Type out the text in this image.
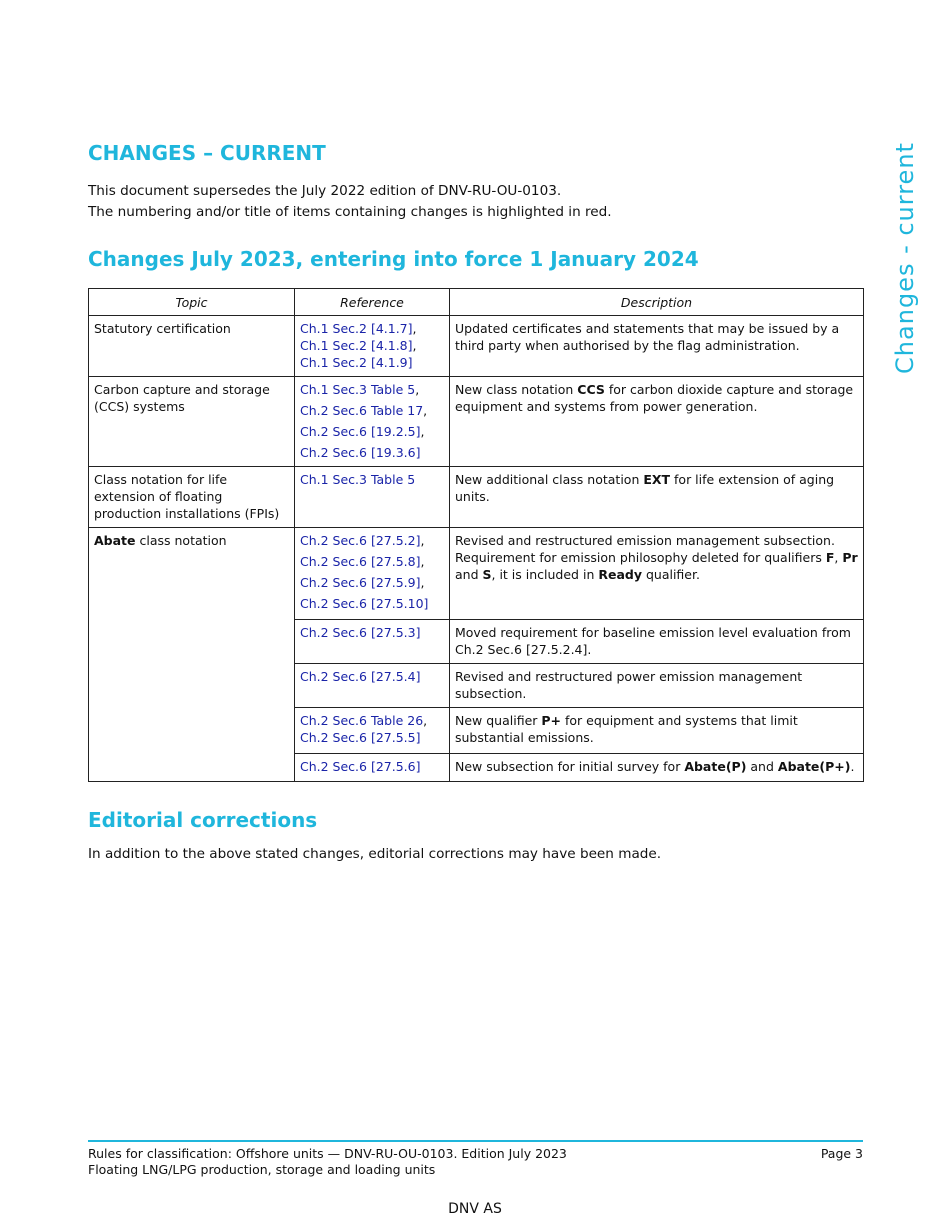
Changes - current
CHANGES – CURRENT

This document supersedes the July 2022 edition of DNV-RU-OU-0103.

The numbering and/or title of items containing changes is highlighted in red.

Changes July 2023, entering into force 1 January 2024
Topic	Reference	Description
Statutory certification	Ch.1 Sec.2 [4.1.7],
Ch.1 Sec.2 [4.1.8],
Ch.1 Sec.2 [4.1.9]	Updated certificates and statements that may be issued by a third party when authorised by the flag administration.
Carbon capture and storage (CCS) systems	Ch.1 Sec.3 Table 5,
Ch.2 Sec.6 Table 17,
Ch.2 Sec.6 [19.2.5],
Ch.2 Sec.6 [19.3.6]	New class notation CCS for carbon dioxide capture and storage equipment and systems from power generation.
Class notation for life extension of floating production installations (FPIs)	Ch.1 Sec.3 Table 5	New additional class notation EXT for life extension of aging units.
Abate class notation	Ch.2 Sec.6 [27.5.2],
Ch.2 Sec.6 [27.5.8],
Ch.2 Sec.6 [27.5.9],
Ch.2 Sec.6 [27.5.10]	Revised and restructured emission management subsection. Requirement for emission philosophy deleted for qualifiers F, Pr and S, it is included in Ready qualifier.

	Ch.2 Sec.6 [27.5.3]	Moved requirement for baseline emission level evaluation from Ch.2 Sec.6 [27.5.2.4].

	Ch.2 Sec.6 [27.5.4]	Revised and restructured power emission management subsection.

	Ch.2 Sec.6 Table 26,
Ch.2 Sec.6 [27.5.5]	New qualifier P+ for equipment and systems that limit substantial emissions.

	Ch.2 Sec.6 [27.5.6]	New subsection for initial survey for Abate(P) and Abate(P+).
Editorial corrections

In addition to the above stated changes, editorial corrections may have been made.

Rules for classification: Offshore units — DNV-RU-OU-0103. Edition July 2023
Floating LNG/LPG production, storage and loading units
Page 3
DNV AS
